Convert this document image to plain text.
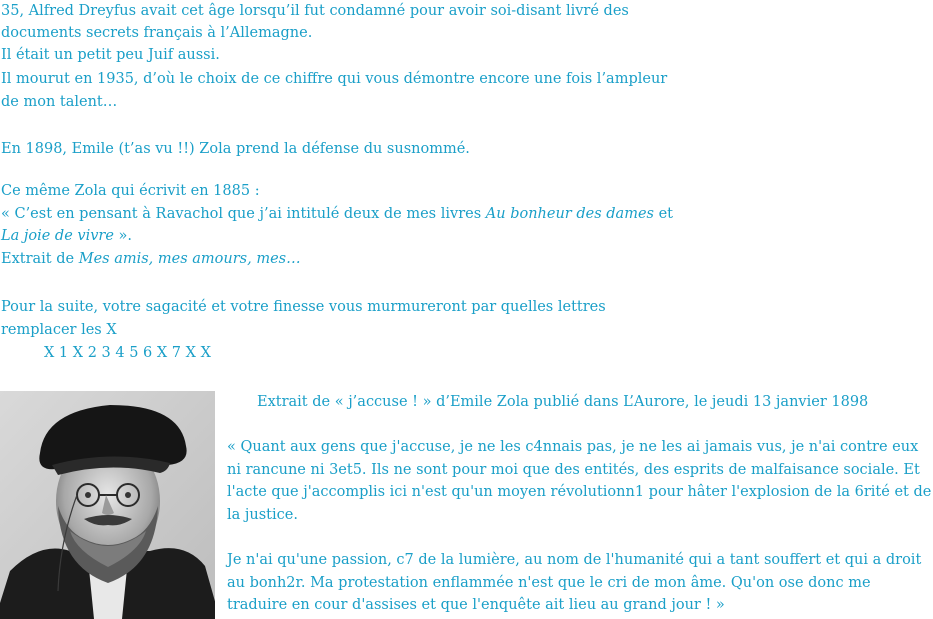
35, Alfred Dreyfus avait cet âge lorsqu’il fut condamné pour avoir soi-disant livré des
documents secrets français à l’Allemagne.
Il était un petit peu Juif aussi.
Il mourut en 1935, d’où le choix de ce chiffre qui vous démontre encore une fois l’ampleur
de mon talent…
En 1898, Emile (t’as vu !!) Zola prend la défense du susnommé.
Ce même Zola qui écrivit en 1885 :
« C’est en pensant à Ravachol que j’ai intitulé deux de mes livres Au bonheur des dames et
La joie de vivre ».
Extrait de Mes amis, mes amours, mes…
Pour la suite, votre sagacité et votre finesse vous murmureront par quelles lettres
remplacer les X
X 1 X 2 3 4 5 6 X 7 X X
Extrait de « j’accuse ! » d’Emile Zola publié dans L’Aurore, le jeudi 13 janvier 1898
« Quant aux gens que j'accuse, je ne les c4nnais pas, je ne les ai jamais vus, je n'ai contre eux ni rancune ni 3et5. Ils ne sont pour moi que des entités, des esprits de malfaisance sociale. Et l'acte que j'accomplis ici n'est qu'un moyen révolutionn1 pour hâter l'explosion de la 6rité et de la justice.
Je n'ai qu'une passion, c7 de la lumière, au nom de l'humanité qui a tant souffert et qui a droit au bonh2r. Ma protestation enflammée n'est que le cri de mon âme. Qu'on ose donc me traduire en cour d'assises et que l'enquête ait lieu au grand jour ! »
